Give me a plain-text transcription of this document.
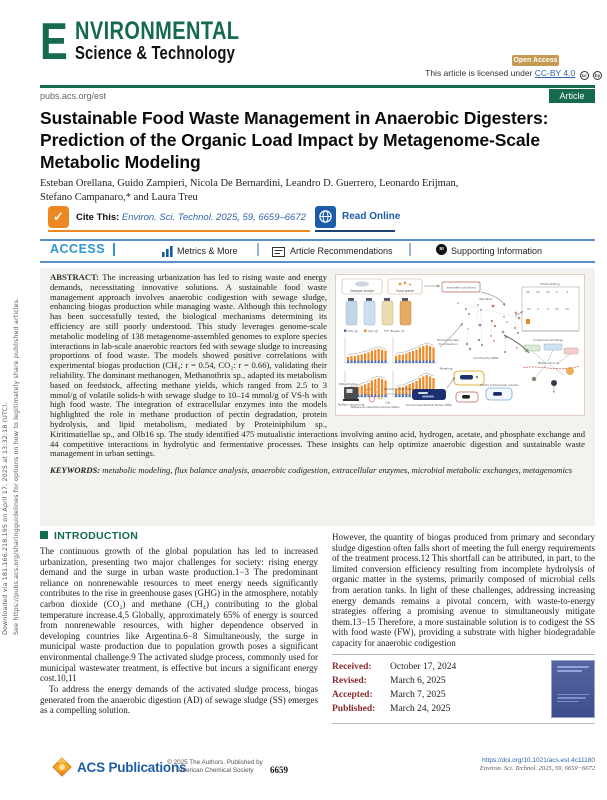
Downloaded via 181.166.218.195 on April 17, 2025 at 13:32:18 (UTC). See https://pubs.acs.org/sharingguidelines for options on how to legitimately share published articles.
E NVIRONMENTAL
Science & Technology	Open Access
This article is licensed under CC-BY 4.0 cc by
pubs.acs.org/est	Article
Sustainable Food Waste Management in Anaerobic Digesters: Prediction of the Organic Load Impact by Metagenome-Scale Metabolic Modeling
Esteban Orellana, Guido Zampieri, Nicola De Bernardini, Leandro D. Guerrero, Leonardo Erijman,
Stefano Campanaro,* and Laura Treu
✓	Cite This: Environ. Sci. Technol. 2025, 59, 6659–6672	Read Online
ACCESS	Metrics & More	Article Recommendations	sı Supporting Information
Sewage sludge	Food waste
CH₄ (g)	CO₂ (g)	Biogas (L)
Day
DNA extraction
Shotgun sequencing
Metagenome Assembled Genomes (MAGs)
Metabolic reconstruction
Genome-Scale Metabolic Models (GEMs)
Simulated conditions
Validation
Community GEMs
Biochemical data
for comparison
Modeling
Addition of extracellular enzymes
Model testing
Compound exchange
Methanothrix sp.

ABSTRACT: The increasing urbanization has led to rising waste and energy demands, necessitating innovative solutions. A sustainable food waste management approach involves anaerobic codigestion with sewage sludge, enhancing biogas production while managing waste. Although this technology has been successfully tested, the biological mechanisms determining its efficiency are still poorly understood. This study leverages genome-scale metabolic modeling of 138 metagenome-assembled genomes to explore species interactions in lab-scale anaerobic reactors fed with sewage sludge to increasing proportions of food waste. The models showed positive correlations with experimental biogas production (CH₄: r = 0.54, CO₂: r = 0.66), validating their reliability. The dominant methanogen, Methanothrix sp., adapted its metabolism based on feedstock, affecting methane yields, which ranged from 2.5 to 3 mmol/g of volatile solids-h with sewage sludge to 10–14 mmol/g of VS-h with high food waste. The integration of extracellular enzymes into the models highlighted the role in methane production of pectin degradation, protein hydrolysis, and lipid metabolism, mediated by Proteiniphilum sp., Kiritimatiellae sp., and Olb16 sp. The study identified 475 mutualistic interactions involving amino acid, hydrogen, acetate, and phosphate exchange and 44 competitive interactions in hydrolytic and fermentative processes. These insights can help optimize anaerobic digestion and sustainable waste management in urban settings.

KEYWORDS: metabolic modeling, flux balance analysis, anaerobic codigestion, extracellular enzymes, microbial metabolic exchanges, metagenomics

INTRODUCTION
The continuous growth of the global population has led to increased urbanization, presenting two major challenges for society: rising energy demand and the surge in urban waste production.1−3 The predominant reliance on nonrenewable resources to meet energy needs significantly contributes to the rise in greenhouse gases (GHG) in the atmosphere, notably carbon dioxide (CO₂) and methane (CH₄) contributing to the global temperature increase.4,5 Globally, approximately 65% of energy is sourced from nonrenewable resources, with higher dependence observed in developing countries like Argentina.6−8 Simultaneously, the surge in municipal waste production due to population growth poses a significant environmental challenge.9 The activated sludge process, commonly used for municipal wastewater treatment, is effective but incurs a significant energy cost.10,11
To address the energy demands of the activated sludge process, biogas generated from the anaerobic digestion (AD) of sewage sludge (SS) emerges as a compelling solution.
However, the quantity of biogas produced from primary and secondary sludge digestion often falls short of meeting the full energy requirements of the treatment process.12 This shortfall can be attributed, in part, to the limited conversion efficiency resulting from incomplete hydrolysis of organic matter in the systems, primarily composed of microbial cells from aeration tanks. In light of these challenges, addressing increasing energy demands remains a pivotal concern, with waste-to-energy strategies offering a promising avenue to simultaneously mitigate them.13−15 Therefore, a more sustainable solution is to codigest the SS with food waste (FW), providing a substrate with higher biodegradable capacity for anaerobic codigestion
Received: October 17, 2024
Revised: March 6, 2025
Accepted: March 7, 2025
Published: March 24, 2025
ACS Publications
© 2025 The Authors. Published by
American Chemical Society	6659
https://doi.org/10.1021/acs.est.4c11180
Environ. Sci. Technol. 2025, 59, 6659−6672
